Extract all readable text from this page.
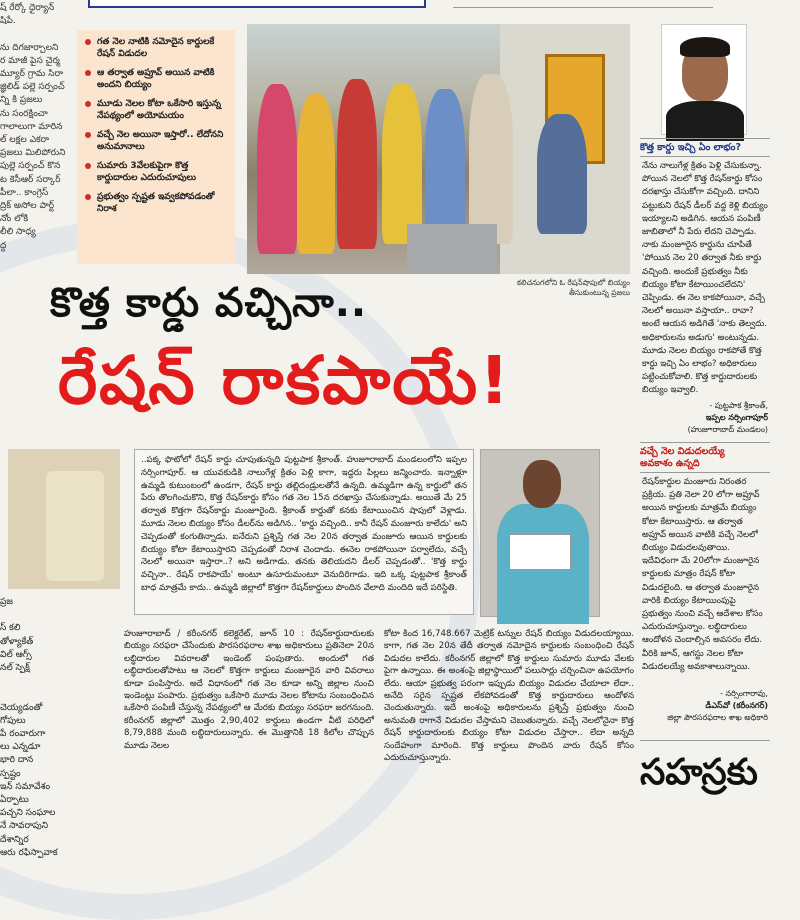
ష్ రేర్కో ధైర్యాన్
షిపే.

ను దిగజార్చాలని
ర మాజీ పైస చైర్మ
మ్యూర్ గ్రామ సిరా
జ్ఞిలిడ్ పల్లె సర్పంచ్
న్ని కి ప్రజలు
ను సంరక్షించా
గాలాలుగా మారిన
ల్ లక్షల ఎకరా
ప్రజలు మిలిపోరుని
పుల్లె సర్పంచ్ కొన
ట కెసీఆర్ సర్కార్
పీలా.. కాంగ్రెస్
ద్రిక్ అసోల పార్ట్
నోం లోకి
లీలి సాధ్య
ద్ద
ప్రజ

స్ కలి
తోళ్యాకేత్
విల్ ఆగ్స్
నల్ స్పెక్ష్

చెయ్యడంతో
గోపులు
పే రంవారుగా
లు ఎన్నడూ
భారి దాన
స్పష్టం
ఇన్ సమావేశం
ఏర్పాటు
పచ్చని సంఘాల
నే సావరాపుని
దేశాన్నిర
ఆరు రఫిస్పావాక
గత నెల నాటికి నమోదైన కార్డులకే రేషన్ విడుదల
ఆ తర్వాత అప్రూవ్ అయిన వాటికి అందని బియ్యం
మూడు నెలల కోటా ఒకేసారి ఇస్తున్న నేపథ్యంలో అయోమయం
వచ్చే నెల అయినా ఇస్తారో.. లేదోనని అనుమానాలు
సుమారు 3వేలకుపైగా కొత్త కార్డుదారుల ఎదురుచూపులు
ప్రభుత్వం స్పష్టత ఇవ్వకపోవడంతో నిరాశ
కలిచనుగలోని ఓ రేషన్‌షాపులో బియ్యం తీసుకుంటున్న ప్రజలు
కొత్త కార్డు వచ్చినా..
రేషన్ రాకపాయే!
కొత్త కార్డు ఇచ్చి ఏం లాభం?
నేను నాలుగేళ్ల క్రితం పెళ్లి చేసుకున్నా. పోయిన నెలలో కొత్త రేషన్‌కార్డు కోసం దరఖాస్తు చేసుకోగా వచ్చింది. దానిని పట్టుకుని రేషన్ డీలర్ వద్ద కెళ్లి బియ్యం ఇయ్యాలని అడిగిన. ఆయన పంపిణీ జాబితాలో నీ పేరు లేదని చెప్పాడు. నాకు మంజూరైన కార్డును చూపితే 'పోయిన నెల 20 తర్వాత నీకు కార్డు వచ్చింది. అందుకే ప్రభుత్వం నీకు బియ్యం కోటా కేటాయించలేదని' చెప్పిండు. ఈ నెల కాకపోయినా, వచ్చే నెలలో అయినా వస్తాయా.. రావా? అంటే ఆయన అడిగితే 'నాకు తెల్వదు. అధికారులను అడుగు' అంటున్నడు. మూడు నెలల బియ్యం రాకపోతే కొత్త కార్డు ఇచ్చి ఏం లాభం? అధికారులు పట్టించుకోవాలి. కొత్త కార్డుదారులకు బియ్యం ఇవ్వాలి.
- పుట్టపాక శ్రీకాంత్,
ఇప్పల నర్సింగాపూర్
(హుజూరాబాద్ మండలం)
వచ్చే నెల విడుదలయ్యే
అవకాశం ఉన్నది
రేషన్‌కార్డుల మంజూరు నిరంతర ప్రక్రియ. ప్రతి నెలా 20 లోగా అప్రూవ్ అయిన కార్డులకు మాత్రమే బియ్యం కోటా కేటాయిస్తారు. ఆ తర్వాత అప్రూవ్ అయిన వాటికి వచ్చే నెలలో బియ్యం విడుదలవుతాయి. ఇదేవిధంగా మే 20లోగా మంజూరైన కార్డులకు మాత్రం రేషన్ కోటా విడుదలైంది. ఆ తర్వాత మంజూరైన వారికి బియ్యం కేటాయింపుపై ప్రభుత్వం నుంచి వచ్చే ఆదేశాల కోసం ఎదురుచూస్తున్నాం. లబ్ధిదారులు ఆందోళన చెందాల్సిన అవసరం లేదు. వీరికి జూన్, ఆగస్టు నెలల కోటా విడుదలయ్యే అవకాశాలున్నాయి.
- నర్సింగారావు,
డీఎస్‌వో (కరీంనగర్)
జిల్లా పౌరసరఫరాల శాఖ అధికారి
సహస్రకు
..పక్క ఫొటోలో రేషన్ కార్డు చూపుతున్నది పుట్టపాక శ్రీకాంత్. హుజూరాబాద్ మండలంలోని ఇప్పల నర్సింగాపూర్. ఆ యువకుడికి నాలుగేళ్ల క్రితం పెళ్లి కాగా, ఇద్దరు పిల్లలు జన్మించారు. ఇన్నాళ్లూ ఉమ్మడి కుటుంబంలో ఉండగా, రేషన్ కార్డు తల్లిదండ్రులతోనే ఉన్నది. ఉమ్మడిగా ఉన్న కార్డులో తన పేరు తొలగించుకొని, కొత్త రేషన్‌కార్డు కోసం గత నెల 15న దరఖాస్తు చేసుకున్నాడు. అయితే మే 25 తర్వాత కొత్తగా రేషన్‌కార్డు మంజూరైంది. శ్రీకాంత్ కార్డుతో కనకు కేటాయించిన షాపులో వెళ్లాడు. మూడు నెలల బియ్యం కోసం డీలర్‌ను అడిగిన.. 'కార్డు వచ్చింది.. కానీ రేషన్ మంజూరు కాలేదు' అని చెప్పడంతో కంగుతిన్నాడు. ఐనేరుని ప్రశ్నిస్తే గత నెల 20న తర్వాత మంజూరు ఆయిన కార్డులకు బియ్యం కోటా కేటాయిస్తారని చెప్పడంతో నిరాశ చెందాడు. ఈనెల రాకపోయినా పర్వాలేదు, వచ్చే నెలలో అయినా ఇస్తారా..? అని అడిగాడు. తనకు తెలియదని డీలర్ చెప్పడంతో.. 'కొత్త కార్డు వచ్చినా.. రేషన్ రాకపాయే' అంటూ ఉసూరుమంటూ వెనుదిరిగాడు. ఇది ఒక్క పుట్టపాక శ్రీకాంత్ బాధ మాత్రమే కాదు.. ఉమ్మడి జిల్లాలో కొత్తగా రేషన్‌కార్డులు పొందిన వేలాది మందిది ఇదే పరిస్థితి.
హుజూరాబాద్ / కరీంనగర్ కలెక్టరేట్, జూన్ 10 : రేషన్‌కార్డుదారులకు బియ్యం సరఫరా చేసేందుకు పౌరసరఫరాల శాఖ అధికారులు ప్రతినెలా 20న లబ్ధిదారుల వివరాలతో ఇండెంట్ పంపుతారు. అందులో గత లబ్ధిదారులతోపాటు ఆ నెలలో కొత్తగా కార్డులు మంజూరైన వారి వివరాలు కూడా పంపిస్తారు. అదే విధానంలో గత నెల కూడా అన్ని జిల్లాల నుంచి ఇండెంట్లు పంపారు. ప్రభుత్వం ఒకేసారి మూడు నెలల కోటాను సంబంధించిన ఒకేసారి పంపిణీ చేస్తున్న నేపథ్యంలో ఆ మేరకు బియ్యం సరఫరా జరగనుంది. కరీంనగర్ జిల్లాలో మొత్తం 2,90,402 కార్డులు ఉండగా వీటి పరిధిలో 8,79,888 మంది లబ్ధిదారులున్నారు. ఈ మొత్తానికి 18 కిలోల చొప్పున మూడు నెలల
కోటా కింద 16,748.667 మెట్రిక్ టన్నుల రేషన్ బియ్యం విడుదలయ్యాయి. కాగా, గత నెల 20న తేదీ తర్వాత నమోదైన కార్డులకు సంబంధించి రేషన్ విడుదల కాలేదు. కరీంనగర్ జిల్లాలో కొత్త కార్డులు సుమారు మూడు వేలకు పైగా ఉన్నాయి. ఈ అంశంపై జిల్లాస్థాయిలో పలుసార్లు చర్చించినా ఉపయోగం లేదు. ఆయా ప్రభుత్వ పరంగా ఇప్పుడు బియ్యం విడుదల చేయాలా లేదా.. అనేది సరైన స్పష్టత లేకపోవడంతో కొత్త కార్డుదారులు ఆందోళన చెందుతున్నారు. ఇదే అంశంపై అధికారులను ప్రశ్నిస్తే ప్రభుత్వం నుంచి అనుమతి రాగానే విడుదల చేస్తామని చెబుతున్నారు. వచ్చే నెలలోనైనా కొత్త రేషన్ కార్డుదారులకు బియ్యం కోటా విడుదల చేస్తారా.. లేదా అన్నది సందేహంగా మారింది. కొత్త కార్డులు పొందిన వారు రేషన్ కోసం ఎదురుచూస్తున్నారు.
